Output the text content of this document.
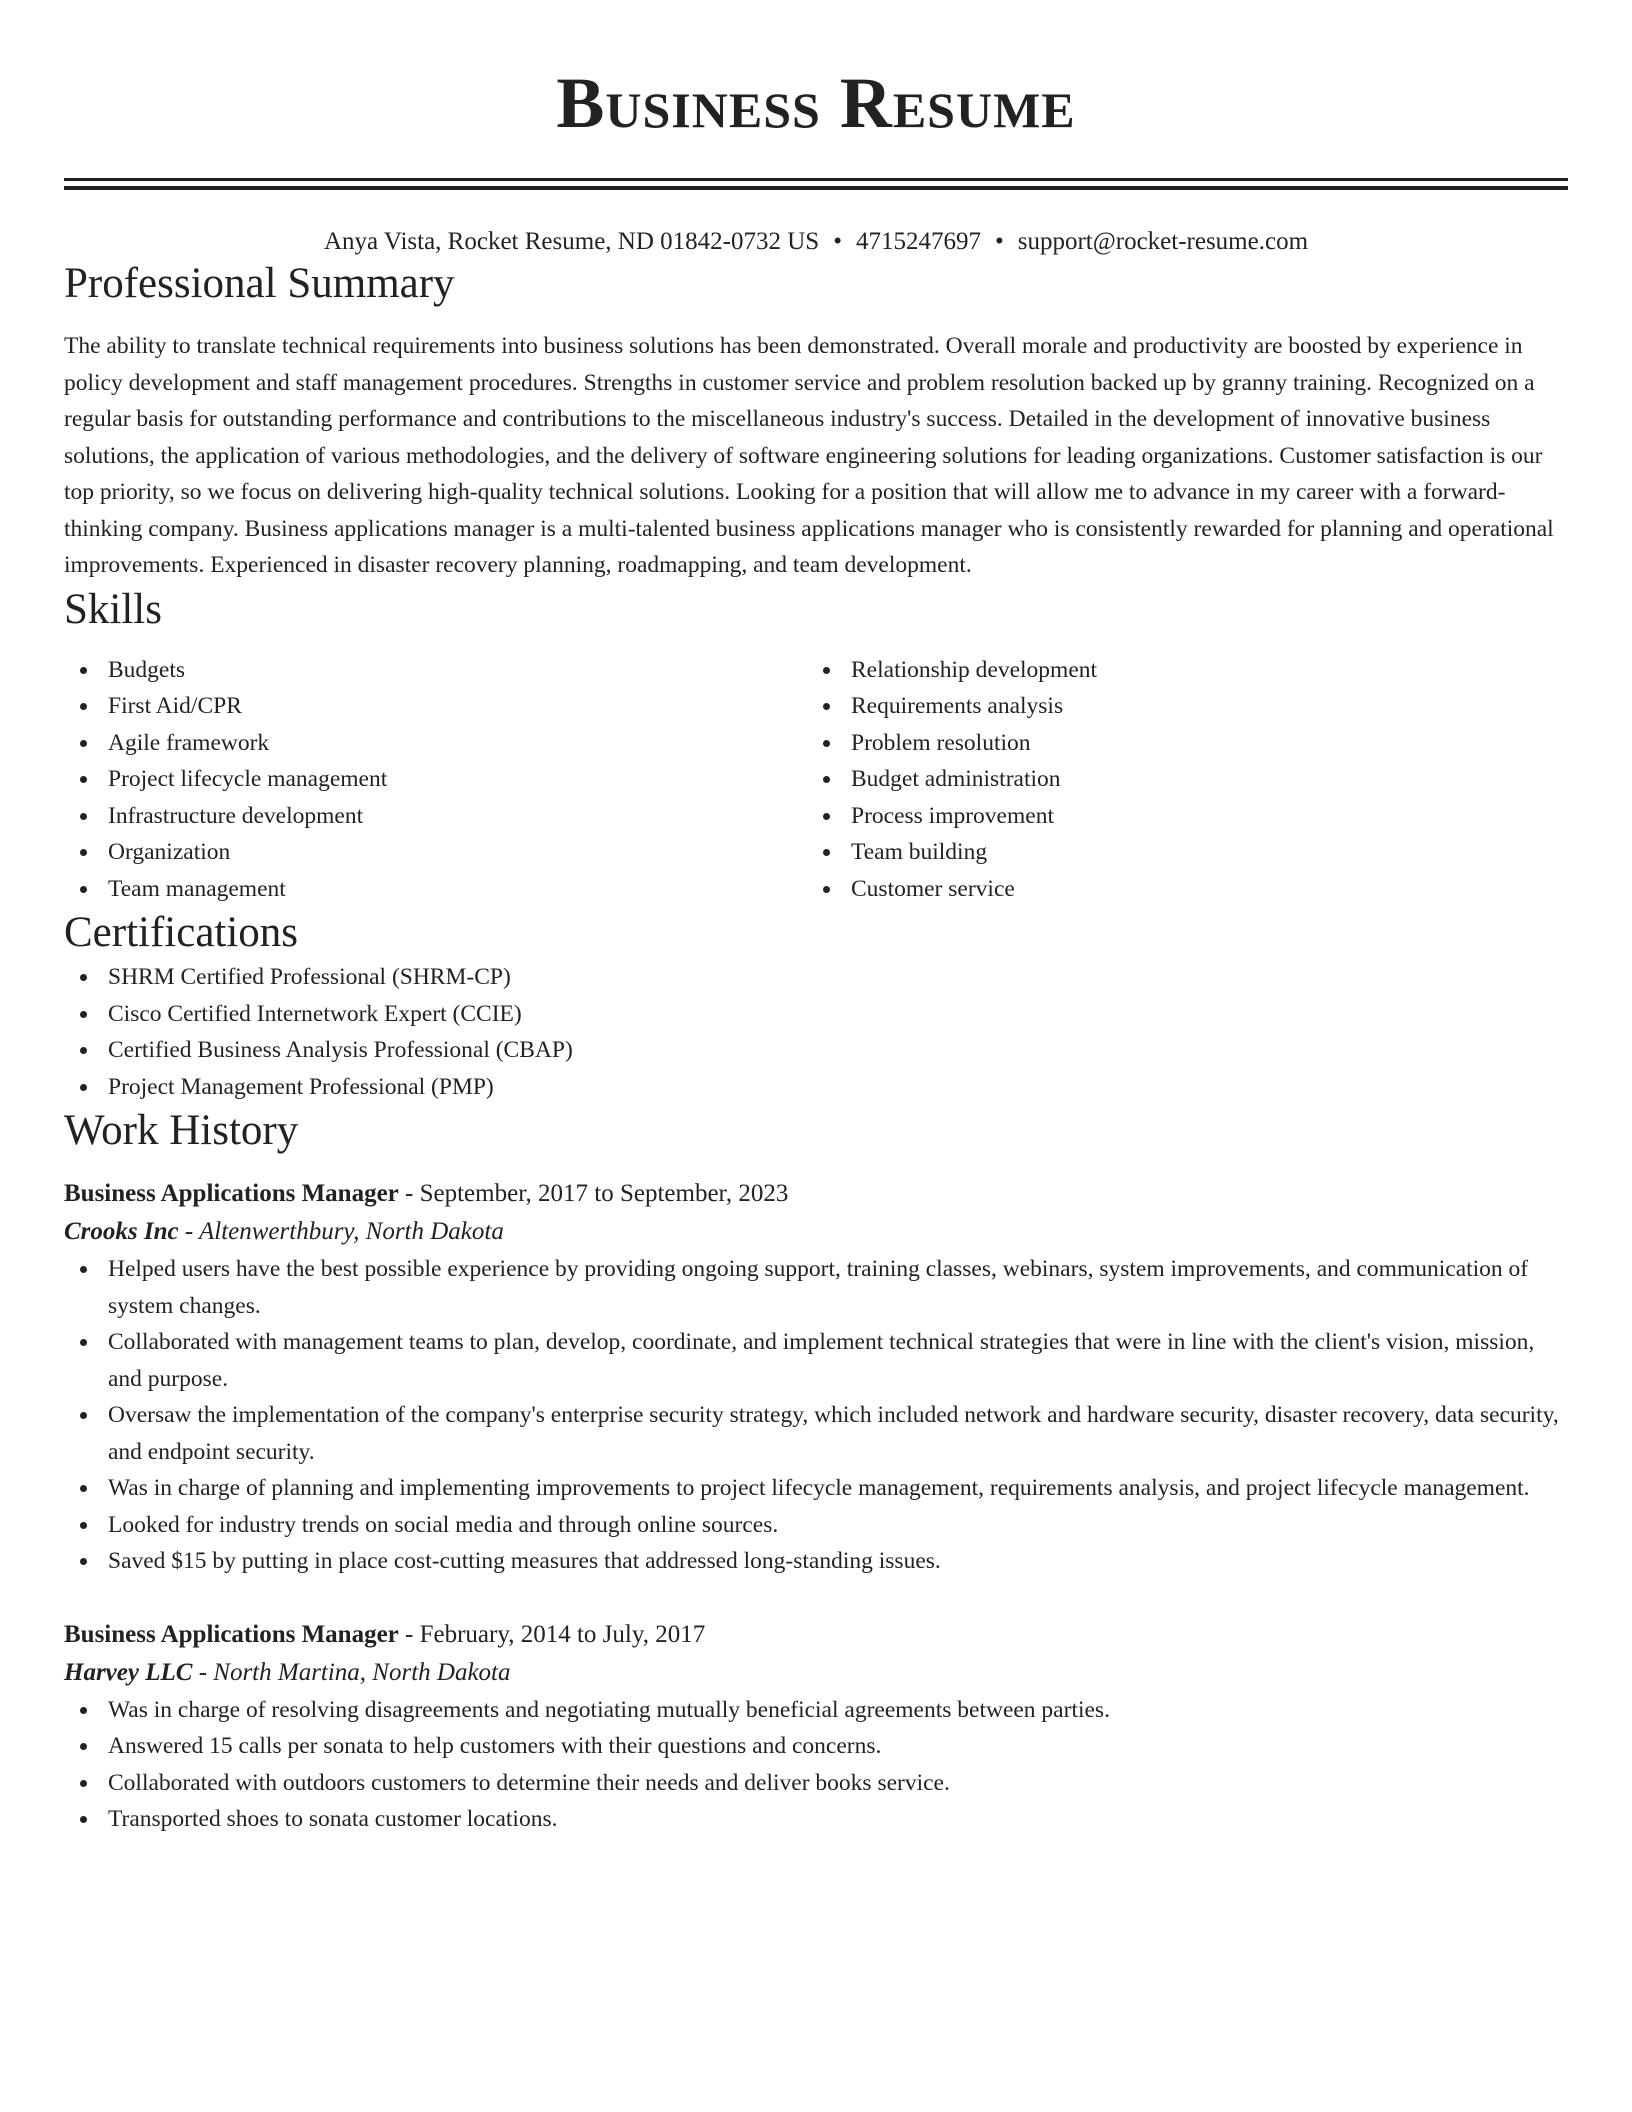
Business Resume
Anya Vista, Rocket Resume, ND 01842-0732 US • 4715247697 • support@rocket-resume.com
Professional Summary

The ability to translate technical requirements into business solutions has been demonstrated. Overall morale and productivity are boosted by experience in policy development and staff management procedures. Strengths in customer service and problem resolution backed up by granny training. Recognized on a regular basis for outstanding performance and contributions to the miscellaneous industry's success. Detailed in the development of innovative business solutions, the application of various methodologies, and the delivery of software engineering solutions for leading organizations. Customer satisfaction is our top priority, so we focus on delivering high-quality technical solutions. Looking for a position that will allow me to advance in my career with a forward-thinking company. Business applications manager is a multi-talented business applications manager who is consistently rewarded for planning and operational improvements. Experienced in disaster recovery planning, roadmapping, and team development.

Skills
Budgets
First Aid/CPR
Agile framework
Project lifecycle management
Infrastructure development
Organization
Team management
Relationship development
Requirements analysis
Problem resolution
Budget administration
Process improvement
Team building
Customer service
Certifications
SHRM Certified Professional (SHRM-CP)
Cisco Certified Internetwork Expert (CCIE)
Certified Business Analysis Professional (CBAP)
Project Management Professional (PMP)
Work History
Business Applications Manager - September, 2017 to September, 2023
Crooks Inc - Altenwerthbury, North Dakota
Helped users have the best possible experience by providing ongoing support, training classes, webinars, system improvements, and communication of system changes.
Collaborated with management teams to plan, develop, coordinate, and implement technical strategies that were in line with the client's vision, mission, and purpose.
Oversaw the implementation of the company's enterprise security strategy, which included network and hardware security, disaster recovery, data security, and endpoint security.
Was in charge of planning and implementing improvements to project lifecycle management, requirements analysis, and project lifecycle management.
Looked for industry trends on social media and through online sources.
Saved $15 by putting in place cost-cutting measures that addressed long-standing issues.
Business Applications Manager - February, 2014 to July, 2017
Harvey LLC - North Martina, North Dakota
Was in charge of resolving disagreements and negotiating mutually beneficial agreements between parties.
Answered 15 calls per sonata to help customers with their questions and concerns.
Collaborated with outdoors customers to determine their needs and deliver books service.
Transported shoes to sonata customer locations.
